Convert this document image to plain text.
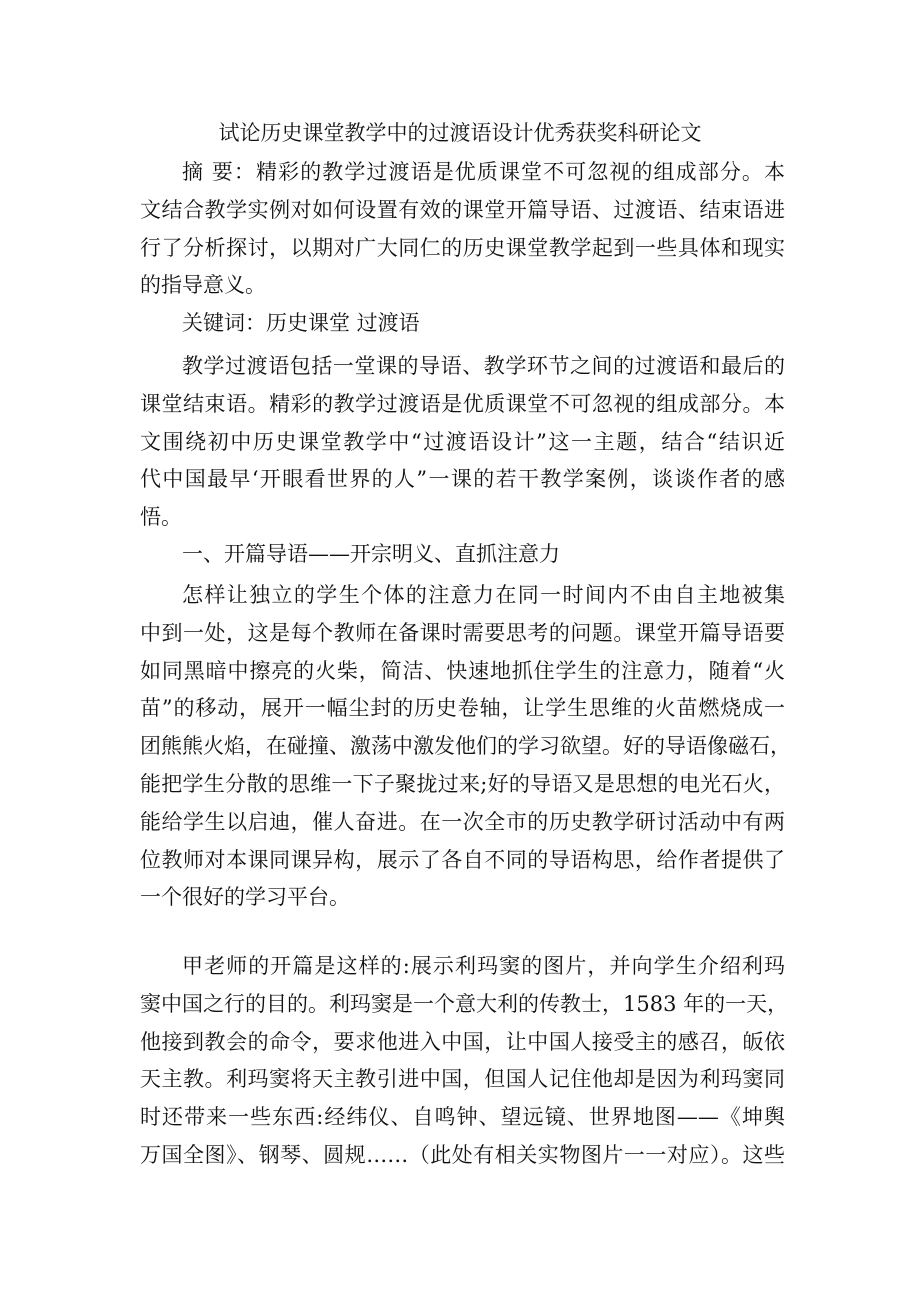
试论历史课堂教学中的过渡语设计优秀获奖科研论文
摘 要：精彩的教学过渡语是优质课堂不可忽视的组成部分。本
文结合教学实例对如何设置有效的课堂开篇导语、过渡语、结束语进
行了分析探讨，以期对广大同仁的历史课堂教学起到一些具体和现实
的指导意义。
关键词：历史课堂 过渡语
教学过渡语包括一堂课的导语、教学环节之间的过渡语和最后的
课堂结束语。精彩的教学过渡语是优质课堂不可忽视的组成部分。本
文围绕初中历史课堂教学中“过渡语设计”这一主题，结合“结识近
代中国最早‘开眼看世界的人”一课的若干教学案例，谈谈作者的感
悟。
一、开篇导语——开宗明义、直抓注意力
怎样让独立的学生个体的注意力在同一时间内不由自主地被集
中到一处，这是每个教师在备课时需要思考的问题。课堂开篇导语要
如同黑暗中擦亮的火柴，简洁、快速地抓住学生的注意力，随着“火
苗”的移动，展开一幅尘封的历史卷轴，让学生思维的火苗燃烧成一
团熊熊火焰，在碰撞、激荡中激发他们的学习欲望。好的导语像磁石，
能把学生分散的思维一下子聚拢过来;好的导语又是思想的电光石火，
能给学生以启迪，催人奋进。在一次全市的历史教学研讨活动中有两
位教师对本课同课异构，展示了各自不同的导语构思，给作者提供了
一个很好的学习平台。
甲老师的开篇是这样的:展示利玛窦的图片，并向学生介绍利玛
窦中国之行的目的。利玛窦是一个意大利的传教士，1583 年的一天，
他接到教会的命令，要求他进入中国，让中国人接受主的感召，皈依
天主教。利玛窦将天主教引进中国，但国人记住他却是因为利玛窦同
时还带来一些东西:经纬仪、自鸣钟、望远镜、世界地图——《坤舆
万国全图》、钢琴、圆规……（此处有相关实物图片一一对应）。这些
